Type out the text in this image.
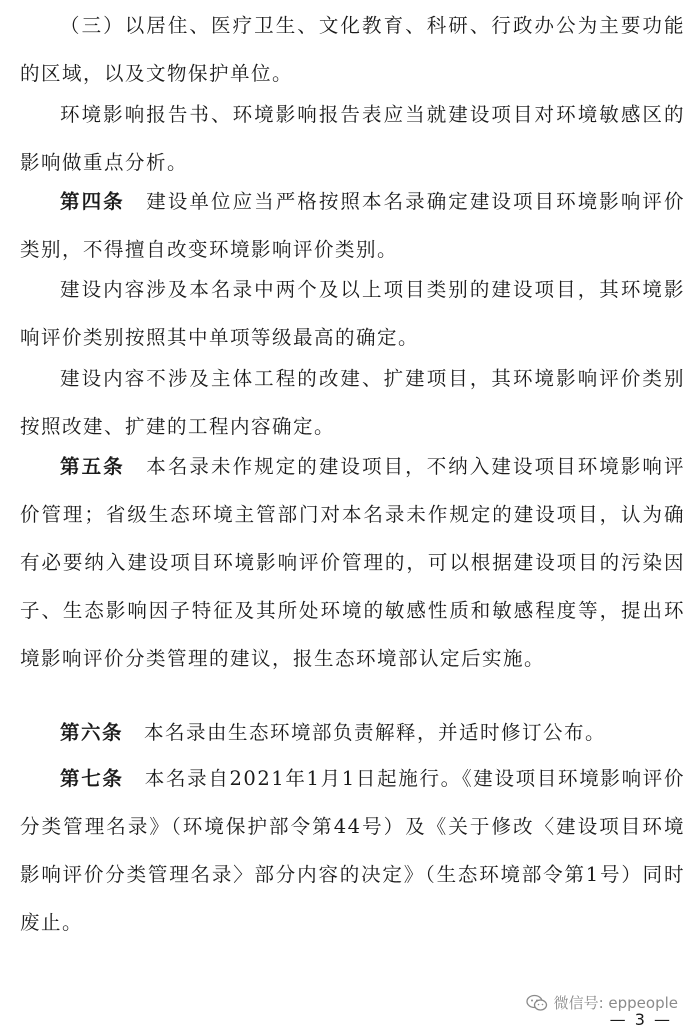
（三）以居住、医疗卫生、文化教育、科研、行政办公为主要功能的区域，以及文物保护单位。

环境影响报告书、环境影响报告表应当就建设项目对环境敏感区的影响做重点分析。

第四条　建设单位应当严格按照本名录确定建设项目环境影响评价类别，不得擅自改变环境影响评价类别。

建设内容涉及本名录中两个及以上项目类别的建设项目，其环境影响评价类别按照其中单项等级最高的确定。

建设内容不涉及主体工程的改建、扩建项目，其环境影响评价类别按照改建、扩建的工程内容确定。

第五条　本名录未作规定的建设项目，不纳入建设项目环境影响评价管理；省级生态环境主管部门对本名录未作规定的建设项目，认为确有必要纳入建设项目环境影响评价管理的，可以根据建设项目的污染因子、生态影响因子特征及其所处环境的敏感性质和敏感程度等，提出环境影响评价分类管理的建议，报生态环境部认定后实施。

第六条　本名录由生态环境部负责解释，并适时修订公布。

第七条　本名录自2021年1月1日起施行。《建设项目环境影响评价分类管理名录》（环境保护部令第44号）及《关于修改〈建设项目环境影响评价分类管理名录〉部分内容的决定》（生态环境部令第1号）同时废止。

微信号: eppeople
— 3 —
